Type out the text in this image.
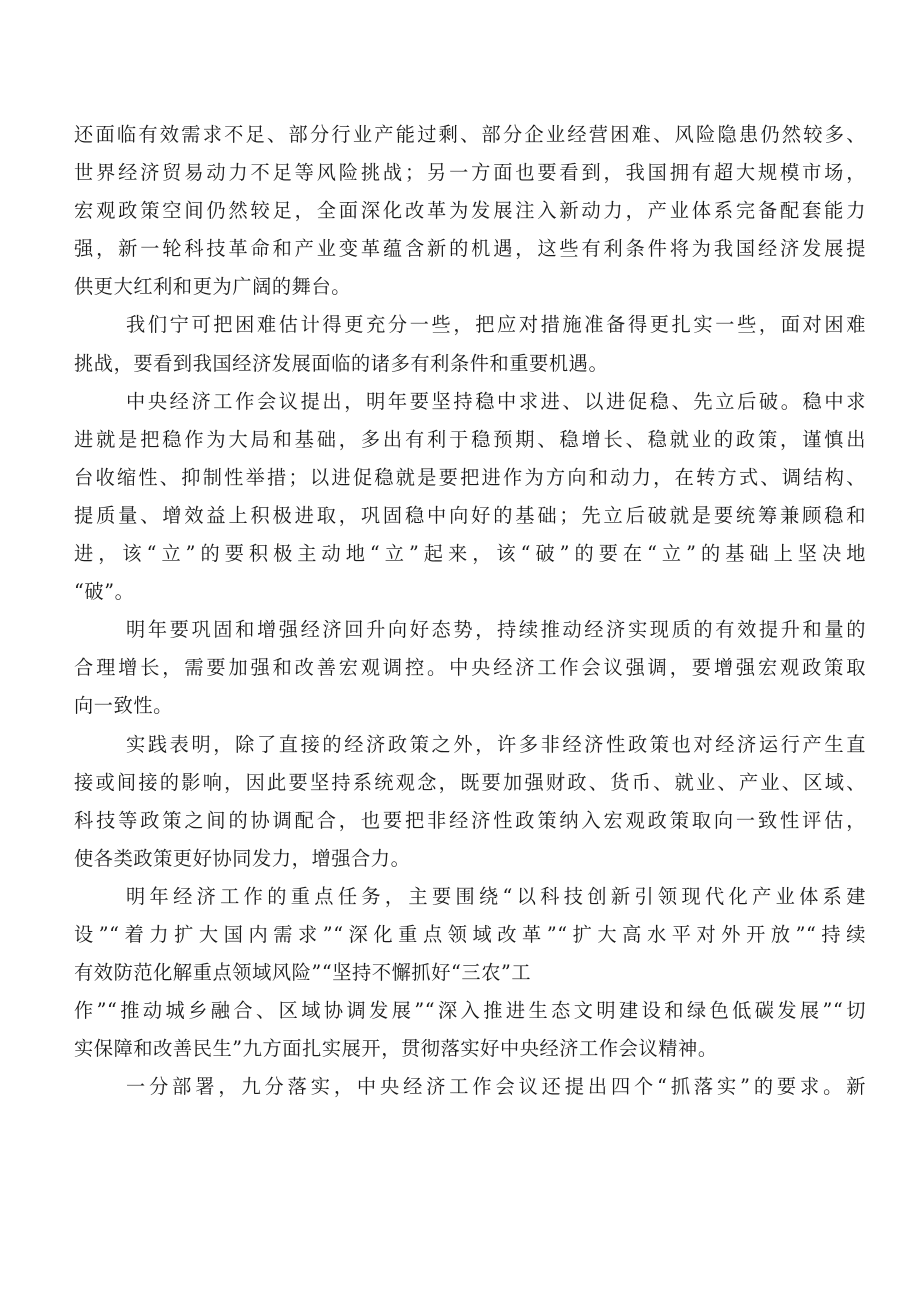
还面临有效需求不足、部分行业产能过剩、部分企业经营困难、风险隐患仍然较多、
世界经济贸易动力不足等风险挑战；另一方面也要看到，我国拥有超大规模市场，
宏观政策空间仍然较足，全面深化改革为发展注入新动力，产业体系完备配套能力
强，新一轮科技革命和产业变革蕴含新的机遇，这些有利条件将为我国经济发展提
供更大红利和更为广阔的舞台。
我们宁可把困难估计得更充分一些，把应对措施准备得更扎实一些，面对困难
挑战，要看到我国经济发展面临的诸多有利条件和重要机遇。
中央经济工作会议提出，明年要坚持稳中求进、以进促稳、先立后破。稳中求
进就是把稳作为大局和基础，多出有利于稳预期、稳增长、稳就业的政策，谨慎出
台收缩性、抑制性举措；以进促稳就是要把进作为方向和动力，在转方式、调结构、
提质量、增效益上积极进取，巩固稳中向好的基础；先立后破就是要统筹兼顾稳和
进，该“立”的要积极主动地“立”起来，该“破”的要在“立”的基础上坚决地
“破”。
明年要巩固和增强经济回升向好态势，持续推动经济实现质的有效提升和量的
合理增长，需要加强和改善宏观调控。中央经济工作会议强调，要增强宏观政策取
向一致性。
实践表明，除了直接的经济政策之外，许多非经济性政策也对经济运行产生直
接或间接的影响，因此要坚持系统观念，既要加强财政、货币、就业、产业、区域、
科技等政策之间的协调配合，也要把非经济性政策纳入宏观政策取向一致性评估，
使各类政策更好协同发力，增强合力。
明年经济工作的重点任务，主要围绕“以科技创新引领现代化产业体系建
设”“着力扩大国内需求”“深化重点领域改革”“扩大高水平对外开放”“持续
有效防范化解重点领域风险”“坚持不懈抓好“三农”工
作”“推动城乡融合、区域协调发展”“深入推进生态文明建设和绿色低碳发展”“切
实保障和改善民生”九方面扎实展开，贯彻落实好中央经济工作会议精神。
一分部署，九分落实，中央经济工作会议还提出四个“抓落实”的要求。新
